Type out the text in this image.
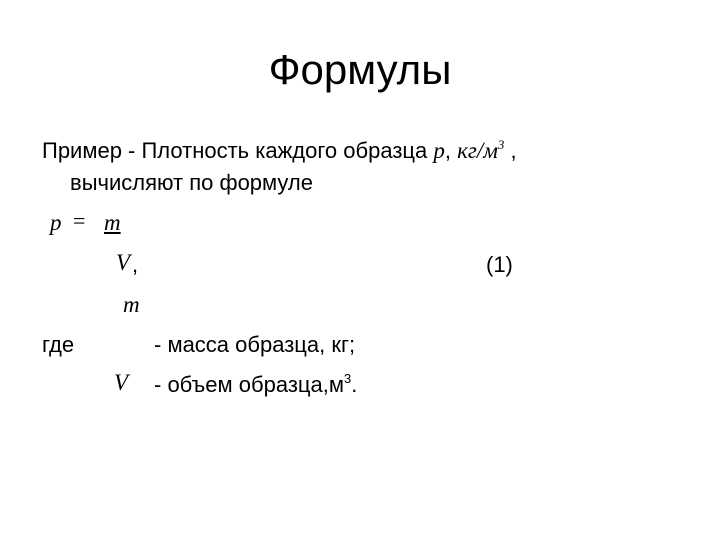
Формулы
Пример - Плотность каждого образца р, $кг/м^3$ ,
вычисляют по формуле
р = m
V ,	(1)
m
где	- масса образца, кг;
V - объем $образца,м^3$.
